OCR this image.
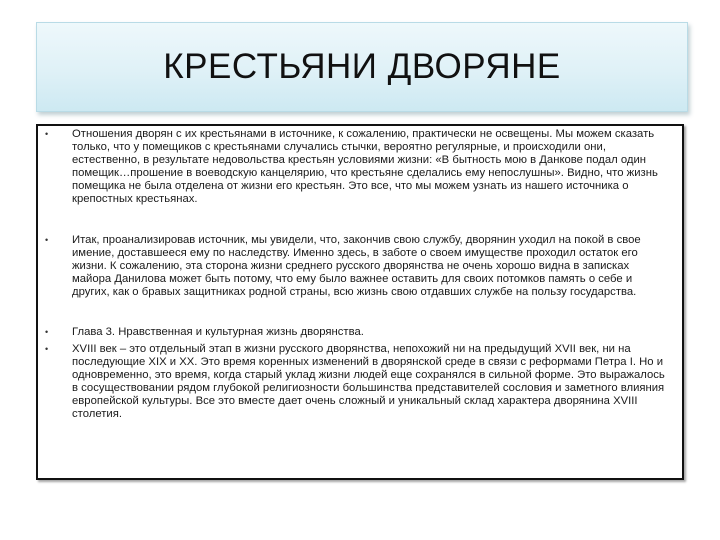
КРЕСТЬЯНИ ДВОРЯНЕ
• Отношения дворян с их крестьянами в источнике, к сожалению, практически не освещены. Мы можем сказать только, что у помещиков с крестьянами случались стычки, вероятно регулярные, и происходили они, естественно, в результате недовольства крестьян условиями жизни: «В бытность мою в Данкове подал один помещик…прошение в воеводскую канцелярию, что крестьяне сделались ему непослушны». Видно, что жизнь помещика не была отделена от жизни его крестьян. Это все, что мы можем узнать из нашего источника о крепостных крестьянах.
• Итак, проанализировав источник, мы увидели, что, закончив свою службу, дворянин уходил на покой в свое имение, доставшееся ему по наследству. Именно здесь, в заботе о своем имуществе проходил остаток его жизни. К сожалению, эта сторона жизни среднего русского дворянства не очень хорошо видна в записках майора Данилова может быть потому, что ему было важнее оставить для своих потомков память о себе и других, как о бравых защитниках родной страны, всю жизнь свою отдавших службе на пользу государства.
• Глава 3. Нравственная и культурная жизнь дворянства.
• XVIII век – это отдельный этап в жизни русского дворянства, непохожий ни на предыдущий XVII век, ни на последующие XIX и XX. Это время коренных изменений в дворянской среде в связи с реформами Петра I. Но и одновременно, это время, когда старый уклад жизни людей еще сохранялся в сильной форме. Это выражалось в сосуществовании рядом глубокой религиозности большинства представителей сословия и заметного влияния европейской культуры. Все это вместе дает очень сложный и уникальный склад характера дворянина XVIII столетия.
